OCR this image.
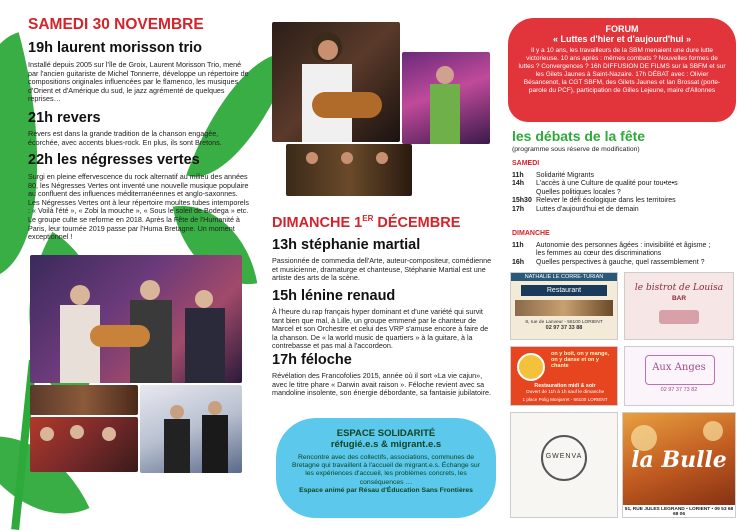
SAMEDI 30 NOVEMBRE
19h laurent morisson trio
Installé depuis 2005 sur l'île de Groix, Laurent Morisson Trio, mené par l'ancien guitariste de Michel Tonnerre, développe un répertoire de compositions originales influencées par le flamenco, les musiques d'Orient et d'Amérique du sud, le jazz agrémenté de quelques reprises…
21h revers
Revers est dans la grande tradition de la chanson engagée, écorchée, avec accents blues-rock. En plus, ils sont Bretons.
22h les négresses vertes
Surgi en pleine effervescence du rock alternatif au milieu des années 80, les Négresses Vertes ont inventé une nouvelle musique populaire au confluent des influences méditerranéennes et anglo-saxonnes. Les Négresses Vertes ont à leur répertoire moultes tubes intemporels : « Voilà l'été », « Zobi la mouche », « Sous le soleil de Bodega » etc. Le groupe culte se reforme en 2018. Après la Fête de l'Humanité à Paris, leur tournée 2019 passe par l'Huma Bretagne. Un moment exceptionnel !
DIMANCHE 1ER DÉCEMBRE
13h stéphanie martial
Passionnée de commedia dell'Arte, auteur-compositeur, comédienne et musicienne, dramaturge et chanteuse, Stéphanie Martial est une artiste des arts de la scène.
15h lénine renaud
À l'heure du rap français hyper dominant et d'une variété qui survit tant bien que mal, à Lille, un groupe emmené par le chanteur de Marcel et son Orchestre et celui des VRP s'amuse encore à faire de la chanson. De « la world music de quartiers » à la guitare, à la contrebasse et pas mal à l'accordeon.
17h féloche
Révélation des Francofolies 2015, année où il sort «La vie cajun», avec le titre phare « Darwin avait raison ». Féloche revient avec sa mandoline insolente, son énergie débordante, sa fantaisie jubilatoire.
ESPACE SOLIDARITÉ
réfugié.e.s & migrant.e.s
Rencontre avec des collectifs, associations, communes de Bretagne qui travaillent à l'accueil de migrant.e.s. Échange sur les expériences d'accueil, les problèmes concrets, les conséquences …
Espace animé par Résau d'Éducation Sans Frontières
FORUM
« Luttes d'hier et d'aujourd'hui »
Il y a 10 ans, les travailleurs de la SBM menaient une dure lutte victorieuse. 10 ans après : mêmes combats ? Nouvelles formes de luttes ? Convergences ? 16h DIFFUSION DE FILMS sur la SBFM et sur les Gilets Jaunes à Saint-Nazaire. 17h DÉBAT avec : Olivier Bésancenot, la CGT SBFM, des Gilets Jaunes et Ian Brossat (porte-parole du PCF), participation de Gilles Lejeune, maire d'Allonnes
les débats de la fête
(programme sous réserve de modification)
SAMEDI
11h	Solidarité Migrants
14h	L'accès à une Culture de qualité pour tou•te•s
Quelles politiques locales ?
15h30 Relever le défi écologique dans les territoires
17h	Luttes d'aujourd'hui et de demain
DIMANCHE
11h	Autonomie des personnes âgées : invisibilité et âgisme ;
les femmes au cœur des discriminations
16h	Quelles perspectives à gauche, quel rassemblement ?
NATHALIE LE CORRE-TURIAN
Restaurant
8, rue de Lanveur - 56100 LORIENT
02 97 37 33 88
le bistrot de Louisa
BAR
on y boit, on y mange, on y danse et on y chante
Restauration midi & soir
Ouvert de 11h à 1h sauf le dimanche
1 place Polig Monjarret - 56100 LORIENT
Aux Anges
02 97 37 73 82
GWENVA	la Bulle
51, RUE JULES LEGRAND • LORIENT • 09 53 68 68 06
